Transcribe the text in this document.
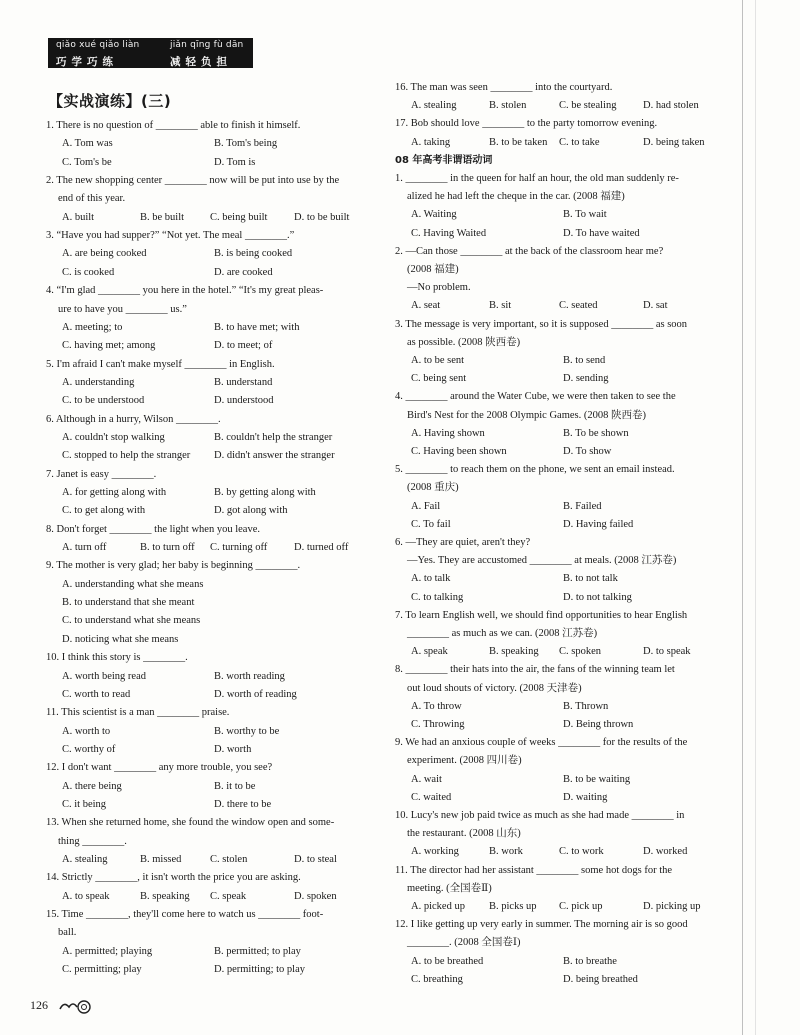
qiǎo xué qiǎo liàn	jiǎn qīng fù dān
巧学巧练	减轻负担
【实战演练】(三)
1. There is no question of ________ able to finish it himself.
A. Tom was	B. Tom's being
C. Tom's be	D. Tom is
2. The new shopping center ________ now will be put into use by the
end of this year.
A. built	B. be built C. being built	D. to be built
3. “Have you had supper?” “Not yet. The meal ________.”
A. are being cooked	B. is being cooked
C. is cooked	D. are cooked
4. “I'm glad ________ you here in the hotel.” “It's my great pleas-
ure to have you ________ us.”
A. meeting; to	B. to have met; with
C. having met; among	D. to meet; of
5. I'm afraid I can't make myself ________ in English.
A. understanding	B. understand
C. to be understood	D. understood
6. Although in a hurry, Wilson ________.
A. couldn't stop walking	B. couldn't help the stranger
C. stopped to help the stranger D. didn't answer the stranger
7. Janet is easy ________.
A. for getting along with	B. by getting along with
C. to get along with	D. got along with
8. Don't forget ________ the light when you leave.
A. turn off	B. to turn off C. turning off	D. turned off
9. The mother is very glad; her baby is beginning ________.
A. understanding what she means
B. to understand that she meant
C. to understand what she means
D. noticing what she means
10. I think this story is ________.
A. worth being read	B. worth reading
C. worth to read	D. worth of reading
11. This scientist is a man ________ praise.
A. worth to	B. worthy to be
C. worthy of	D. worth
12. I don't want ________ any more trouble, you see?
A. there being	B. it to be
C. it being	D. there to be
13. When she returned home, she found the window open and some-
thing ________.
A. stealing	B. missed	C. stolen	D. to steal
14. Strictly ________, it isn't worth the price you are asking.
A. to speak	B. speaking C. speak	D. spoken
15. Time ________, they'll come here to watch us ________ foot-
ball.
A. permitted; playing	B. permitted; to play
C. permitting; play	D. permitting; to play
16. The man was seen ________ into the courtyard.
A. stealing	B. stolen	C. be stealing	D. had stolen
17. Bob should love ________ to the party tomorrow evening.
A. taking	B. to be taken C. to take	D. being taken
08 年高考非谓语动词
1. ________ in the queen for half an hour, the old man suddenly re-
alized he had left the cheque in the car. (2008 福建)
A. Waiting	B. To wait
C. Having Waited	D. To have waited
2. —Can those ________ at the back of the classroom hear me?
(2008 福建)
—No problem.
A. seat	B. sit	C. seated	D. sat
3. The message is very important, so it is supposed ________ as soon
as possible. (2008 陕西卷)
A. to be sent	B. to send
C. being sent	D. sending
4. ________ around the Water Cube, we were then taken to see the
Bird's Nest for the 2008 Olympic Games. (2008 陕西卷)
A. Having shown	B. To be shown
C. Having been shown	D. To show
5. ________ to reach them on the phone, we sent an email instead.
(2008 重庆)
A. Fail	B. Failed
C. To fail	D. Having failed
6. —They are quiet, aren't they?
—Yes. They are accustomed ________ at meals. (2008 江苏卷)
A. to talk	B. to not talk
C. to talking	D. to not talking
7. To learn English well, we should find opportunities to hear English
________ as much as we can. (2008 江苏卷)
A. speak	B. speaking C. spoken	D. to speak
8. ________ their hats into the air, the fans of the winning team let
out loud shouts of victory. (2008 天津卷)
A. To throw	B. Thrown
C. Throwing	D. Being thrown
9. We had an anxious couple of weeks ________ for the results of the
experiment. (2008 四川卷)
A. wait	B. to be waiting
C. waited	D. waiting
10. Lucy's new job paid twice as much as she had made ________ in
the restaurant. (2008 山东)
A. working	B. work	C. to work	D. worked
11. The director had her assistant ________ some hot dogs for the
meeting. (全国卷Ⅱ)
A. picked up B. picks up C. pick up	D. picking up
12. I like getting up very early in summer. The morning air is so good
________. (2008 全国卷Ⅰ)
A. to be breathed	B. to breathe
C. breathing	D. being breathed
126
